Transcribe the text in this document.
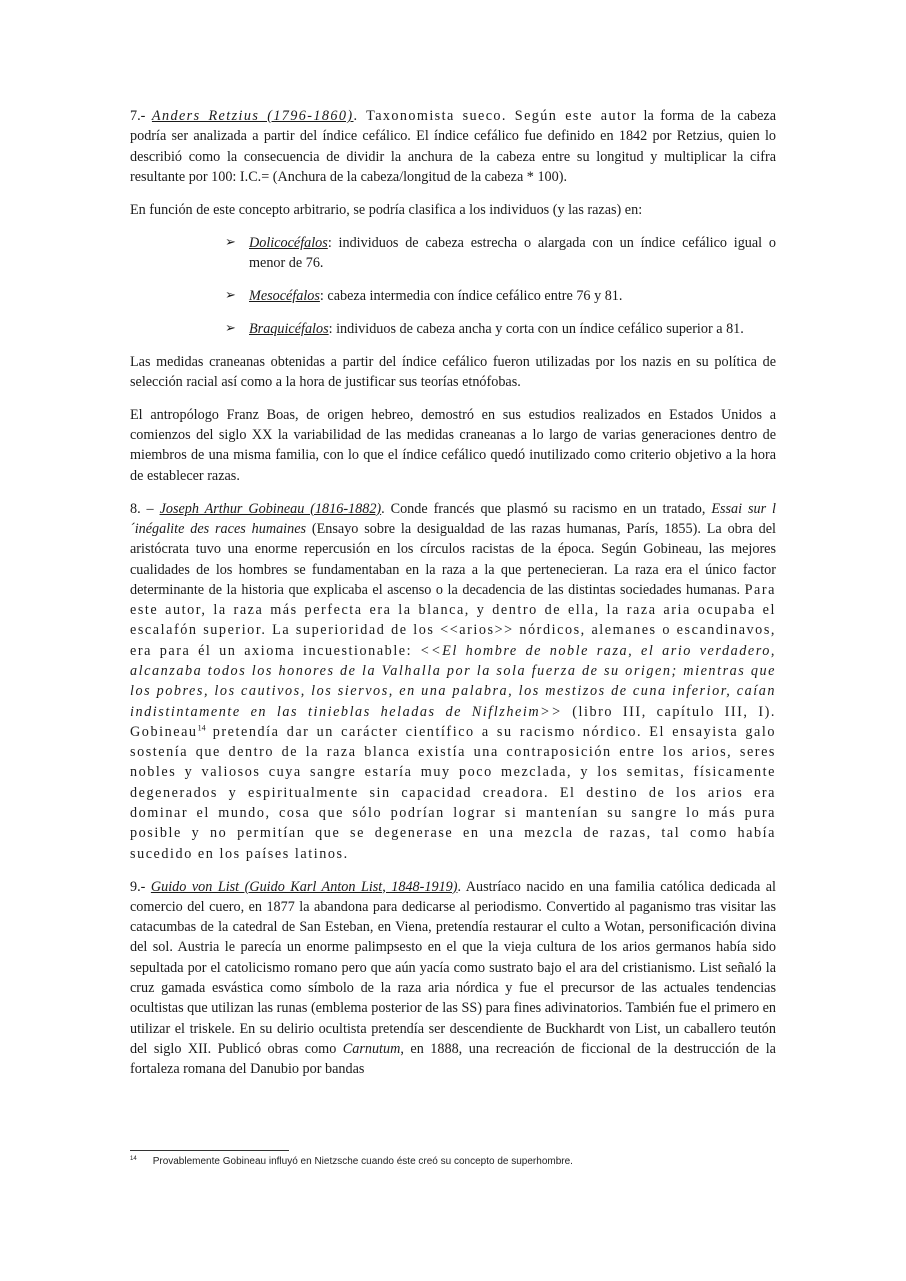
7.- Anders Retzius (1796-1860). Taxonomista sueco. Según este autor la forma de la cabeza podría ser analizada a partir del índice cefálico. El índice cefálico fue definido en 1842 por Retzius, quien lo describió como la consecuencia de dividir la anchura de la cabeza entre su longitud y multiplicar la cifra resultante por 100: I.C.= (Anchura de la cabeza/longitud de la cabeza * 100).

En función de este concepto arbitrario, se podría clasifica a los individuos (y las razas) en:

➢ Dolicocéfalos: individuos de cabeza estrecha o alargada con un índice cefálico igual o menor de 76.
➢ Mesocéfalos: cabeza intermedia con índice cefálico entre 76 y 81.
➢ Braquicéfalos: individuos de cabeza ancha y corta con un índice cefálico superior a 81.

Las medidas craneanas obtenidas a partir del índice cefálico fueron utilizadas por los nazis en su política de selección racial así como a la hora de justificar sus teorías etnófobas.

El antropólogo Franz Boas, de origen hebreo, demostró en sus estudios realizados en Estados Unidos a comienzos del siglo XX la variabilidad de las medidas craneanas a lo largo de varias generaciones dentro de miembros de una misma familia, con lo que el índice cefálico quedó inutilizado como criterio objetivo a la hora de establecer razas.

8. – Joseph Arthur Gobineau (1816-1882). Conde francés que plasmó su racismo en un tratado, Essai sur l´inégalite des races humaines (Ensayo sobre la desigualdad de las razas humanas, París, 1855). La obra del aristócrata tuvo una enorme repercusión en los círculos racistas de la época. Según Gobineau, las mejores cualidades de los hombres se fundamentaban en la raza a la que pertenecieran. La raza era el único factor determinante de la historia que explicaba el ascenso o la decadencia de las distintas sociedades humanas. Para este autor, la raza más perfecta era la blanca, y dentro de ella, la raza aria ocupaba el escalafón superior. La superioridad de los <<arios>> nórdicos, alemanes o escandinavos, era para él un axioma incuestionable: <<El hombre de noble raza, el ario verdadero, alcanzaba todos los honores de la Valhalla por la sola fuerza de su origen; mientras que los pobres, los cautivos, los siervos, en una palabra, los mestizos de cuna inferior, caían indistintamente en las tinieblas heladas de Niflzheim>> (libro III, capítulo III, I). Gobineau$^{14}$ pretendía dar un carácter científico a su racismo nórdico. El ensayista galo sostenía que dentro de la raza blanca existía una contraposición entre los arios, seres nobles y valiosos cuya sangre estaría muy poco mezclada, y los semitas, físicamente degenerados y espiritualmente sin capacidad creadora. El destino de los arios era dominar el mundo, cosa que sólo podrían lograr si mantenían su sangre lo más pura posible y no permitían que se degenerase en una mezcla de razas, tal como había sucedido en los países latinos.

9.- Guido von List (Guido Karl Anton List, 1848-1919). Austríaco nacido en una familia católica dedicada al comercio del cuero, en 1877 la abandona para dedicarse al periodismo. Convertido al paganismo tras visitar las catacumbas de la catedral de San Esteban, en Viena, pretendía restaurar el culto a Wotan, personificación divina del sol. Austria le parecía un enorme palimpsesto en el que la vieja cultura de los arios germanos había sido sepultada por el catolicismo romano pero que aún yacía como sustrato bajo el ara del cristianismo. List señaló la cruz gamada esvástica como símbolo de la raza aria nórdica y fue el precursor de las actuales tendencias ocultistas que utilizan las runas (emblema posterior de las SS) para fines adivinatorios. También fue el primero en utilizar el triskele. En su delirio ocultista pretendía ser descendiente de Buckhardt von List, un caballero teutón del siglo XII. Publicó obras como Carnutum, en 1888, una recreación de ficcional de la destrucción de la fortaleza romana del Danubio por bandas

$^{14}$ Provablemente Gobineau influyó en Nietzsche cuando éste creó su concepto de superhombre.
